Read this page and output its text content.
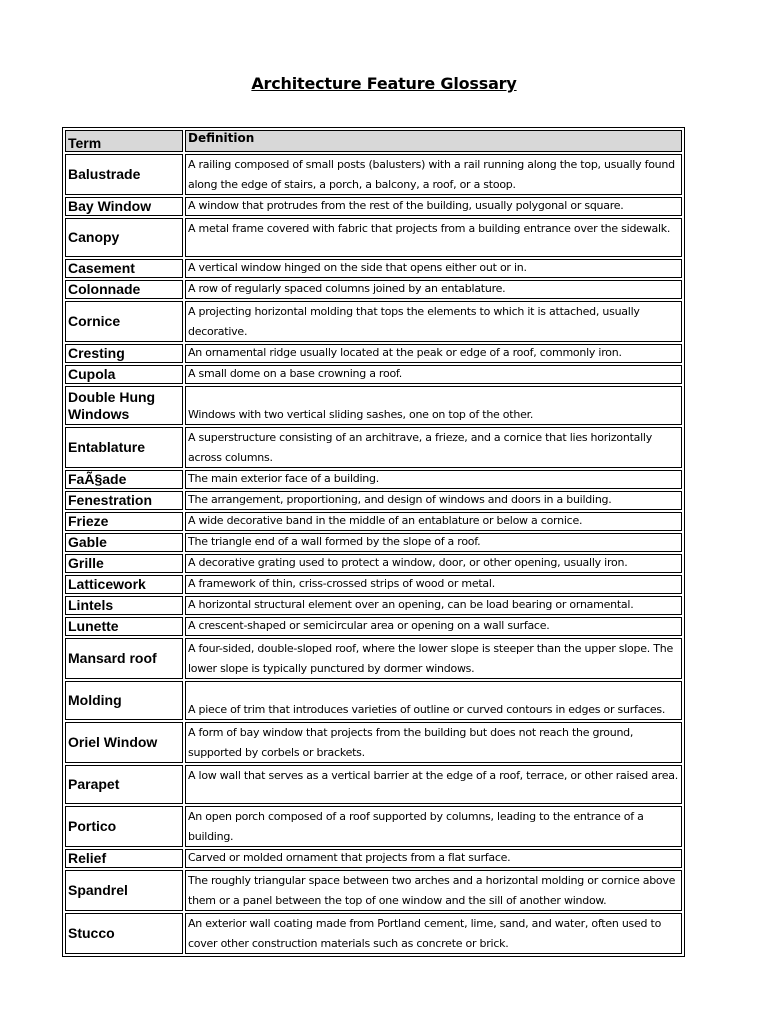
Architecture Feature Glossary
Term	Definition
Balustrade	A railing composed of small posts (balusters) with a rail running along the top, usually found along the edge of stairs, a porch, a balcony, a roof, or a stoop.
Bay Window	A window that protrudes from the rest of the building, usually polygonal or square.
Canopy	A metal frame covered with fabric that projects from a building entrance over the sidewalk.
Casement	A vertical window hinged on the side that opens either out or in.
Colonnade	A row of regularly spaced columns joined by an entablature.
Cornice	A projecting horizontal molding that tops the elements to which it is attached, usually decorative.
Cresting	An ornamental ridge usually located at the peak or edge of a roof, commonly iron.
Cupola	A small dome on a base crowning a roof.
Double Hung Windows	Windows with two vertical sliding sashes, one on top of the other.
Entablature	A superstructure consisting of an architrave, a frieze, and a cornice that lies horizontally across columns.
FaÃ§ade	The main exterior face of a building.
Fenestration	The arrangement, proportioning, and design of windows and doors in a building.
Frieze	A wide decorative band in the middle of an entablature or below a cornice.
Gable	The triangle end of a wall formed by the slope of a roof.
Grille	A decorative grating used to protect a window, door, or other opening, usually iron.
Latticework	A framework of thin, criss-crossed strips of wood or metal.
Lintels	A horizontal structural element over an opening, can be load bearing or ornamental.
Lunette	A crescent-shaped or semicircular area or opening on a wall surface.
Mansard roof	A four-sided, double-sloped roof, where the lower slope is steeper than the upper slope. The lower slope is typically punctured by dormer windows.
Molding	A piece of trim that introduces varieties of outline or curved contours in edges or surfaces.
Oriel Window	A form of bay window that projects from the building but does not reach the ground, supported by corbels or brackets.
Parapet	A low wall that serves as a vertical barrier at the edge of a roof, terrace, or other raised area.
Portico	An open porch composed of a roof supported by columns, leading to the entrance of a building.
Relief	Carved or molded ornament that projects from a flat surface.
Spandrel	The roughly triangular space between two arches and a horizontal molding or cornice above them or a panel between the top of one window and the sill of another window.
Stucco	An exterior wall coating made from Portland cement, lime, sand, and water, often used to cover other construction materials such as concrete or brick.
